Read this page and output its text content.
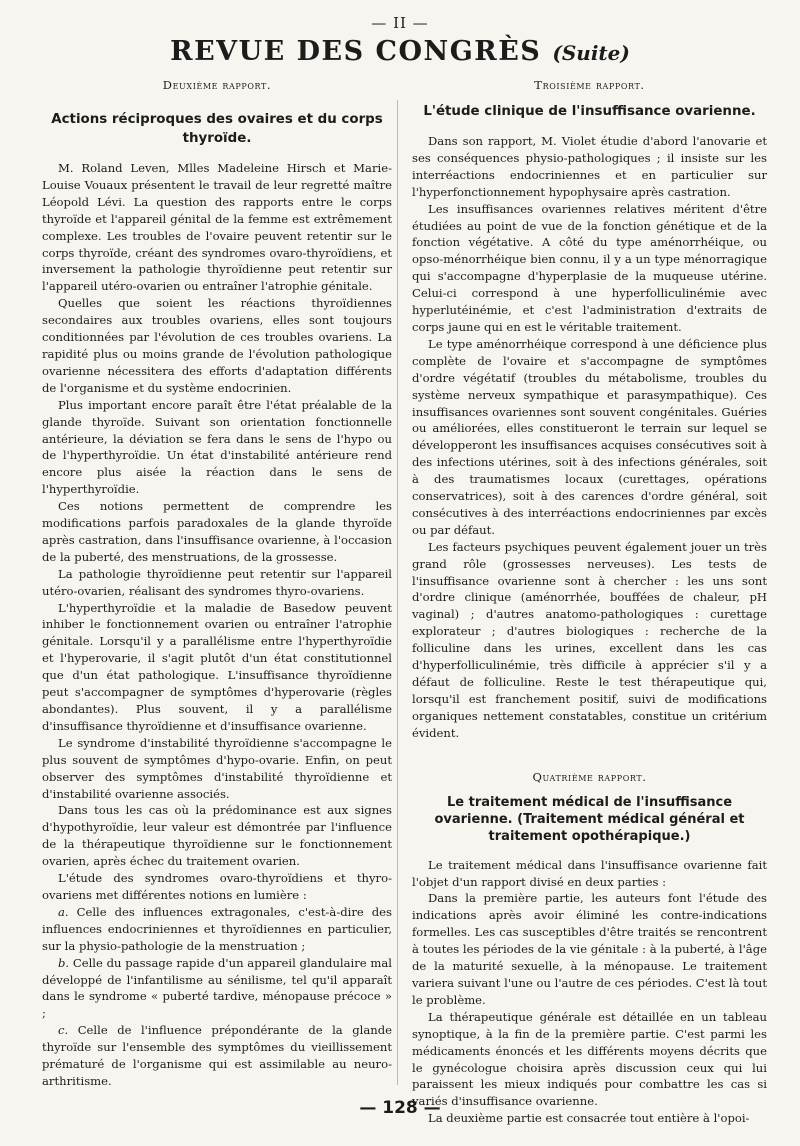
— II —
REVUE DES CONGRÈS (Suite)
Deuxième rapport.
Actions réciproques des ovaires et du corps thyroïde.

M. Roland Leven, Mlles Madeleine Hirsch et Marie-Louise Vouaux présentent le travail de leur regretté maître Léopold Lévi. La question des rapports entre le corps thyroïde et l'appareil génital de la femme est extrêmement complexe. Les troubles de l'ovaire peuvent retentir sur le corps thyroïde, créant des syndromes ovaro-thyroïdiens, et inversement la pathologie thyroïdienne peut retentir sur l'appareil utéro-ovarien ou entraîner l'atrophie génitale.

Quelles que soient les réactions thyroïdiennes secondaires aux troubles ovariens, elles sont toujours conditionnées par l'évolution de ces troubles ovariens. La rapidité plus ou moins grande de l'évolution pathologique ovarienne nécessitera des efforts d'adaptation différents de l'organisme et du système endocrinien.

Plus important encore paraît être l'état préalable de la glande thyroïde. Suivant son orientation fonctionnelle antérieure, la déviation se fera dans le sens de l'hypo ou de l'hyperthyroïdie. Un état d'instabilité antérieure rend encore plus aisée la réaction dans le sens de l'hyperthyroïdie.

Ces notions permettent de comprendre les modifications parfois paradoxales de la glande thyroïde après castration, dans l'insuffisance ovarienne, à l'occasion de la puberté, des menstruations, de la grossesse.

La pathologie thyroïdienne peut retentir sur l'appareil utéro-ovarien, réalisant des syndromes thyro-ovariens.

L'hyperthyroïdie et la maladie de Basedow peuvent inhiber le fonctionnement ovarien ou entraîner l'atrophie génitale. Lorsqu'il y a parallélisme entre l'hyperthyroïdie et l'hyperovarie, il s'agit plutôt d'un état constitutionnel que d'un état pathologique. L'insuffisance thyroïdienne peut s'accompagner de symptômes d'hyperovarie (règles abondantes). Plus souvent, il y a parallélisme d'insuffisance thyroïdienne et d'insuffisance ovarienne.

Le syndrome d'instabilité thyroïdienne s'accompagne le plus souvent de symptômes d'hypo-ovarie. Enfin, on peut observer des symptômes d'instabilité thyroïdienne et d'instabilité ovarienne associés.

Dans tous les cas où la prédominance est aux signes d'hypothyroïdie, leur valeur est démontrée par l'influence de la thérapeutique thyroïdienne sur le fonctionnement ovarien, après échec du traitement ovarien.

L'étude des syndromes ovaro-thyroïdiens et thyro-ovariens met différentes notions en lumière :

a. Celle des influences extragonales, c'est-à-dire des influences endocriniennes et thyroïdiennes en particulier, sur la physio-pathologie de la menstruation ;

b. Celle du passage rapide d'un appareil glandulaire mal développé de l'infantilisme au sénilisme, tel qu'il apparaît dans le syndrome « puberté tardive, ménopause précoce » ;

c. Celle de l'influence prépondérante de la glande thyroïde sur l'ensemble des symptômes du vieillissement prématuré de l'organisme qui est assimilable au neuro-arthritisme.

Troisième rapport.
L'étude clinique de l'insuffisance ovarienne.

Dans son rapport, M. Violet étudie d'abord l'anovarie et ses conséquences physio-pathologiques ; il insiste sur les interréactions endocriniennes et en particulier sur l'hyperfonctionnement hypophysaire après castration.

Les insuffisances ovariennes relatives méritent d'être étudiées au point de vue de la fonction génétique et de la fonction végétative. A côté du type aménorrhéique, ou opso-ménorrhéique bien connu, il y a un type ménorragique qui s'accompagne d'hyperplasie de la muqueuse utérine. Celui-ci correspond à une hyperfolliculinémie avec hyperlutéinémie, et c'est l'administration d'extraits de corps jaune qui en est le véritable traitement.

Le type aménorrhéique correspond à une déficience plus complète de l'ovaire et s'accompagne de symptômes d'ordre végétatif (troubles du métabolisme, troubles du système nerveux sympathique et parasympathique). Ces insuffisances ovariennes sont souvent congénitales. Guéries ou améliorées, elles constitueront le terrain sur lequel se développeront les insuffisances acquises consécutives soit à des infections utérines, soit à des infections générales, soit à des traumatismes locaux (curettages, opérations conservatrices), soit à des carences d'ordre général, soit consécutives à des interréactions endocriniennes par excès ou par défaut.

Les facteurs psychiques peuvent également jouer un très grand rôle (grossesses nerveuses). Les tests de l'insuffisance ovarienne sont à chercher : les uns sont d'ordre clinique (aménorrhée, bouffées de chaleur, pH vaginal) ; d'autres anatomo-pathologiques : curettage explorateur ; d'autres biologiques : recherche de la folliculine dans les urines, excellent dans les cas d'hyperfolliculinémie, très difficile à apprécier s'il y a défaut de folliculine. Reste le test thérapeutique qui, lorsqu'il est franchement positif, suivi de modifications organiques nettement constatables, constitue un critérium évident.

Quatrième rapport.
Le traitement médical de l'insuffisance ovarienne. (Traitement médical général et traitement opothérapique.)

Le traitement médical dans l'insuffisance ovarienne fait l'objet d'un rapport divisé en deux parties :

Dans la première partie, les auteurs font l'étude des indications après avoir éliminé les contre-indications formelles. Les cas susceptibles d'être traités se rencontrent à toutes les périodes de la vie génitale : à la puberté, à l'âge de la maturité sexuelle, à la ménopause. Le traitement variera suivant l'une ou l'autre de ces périodes. C'est là tout le problème.

La thérapeutique générale est détaillée en un tableau synoptique, à la fin de la première partie. C'est parmi les médicaments énoncés et les différents moyens décrits que le gynécologue choisira après discussion ceux qui lui paraissent les mieux indiqués pour combattre les cas si variés d'insuffisance ovarienne.

La deuxième partie est consacrée tout entière à l'opoi-

— 128 —
